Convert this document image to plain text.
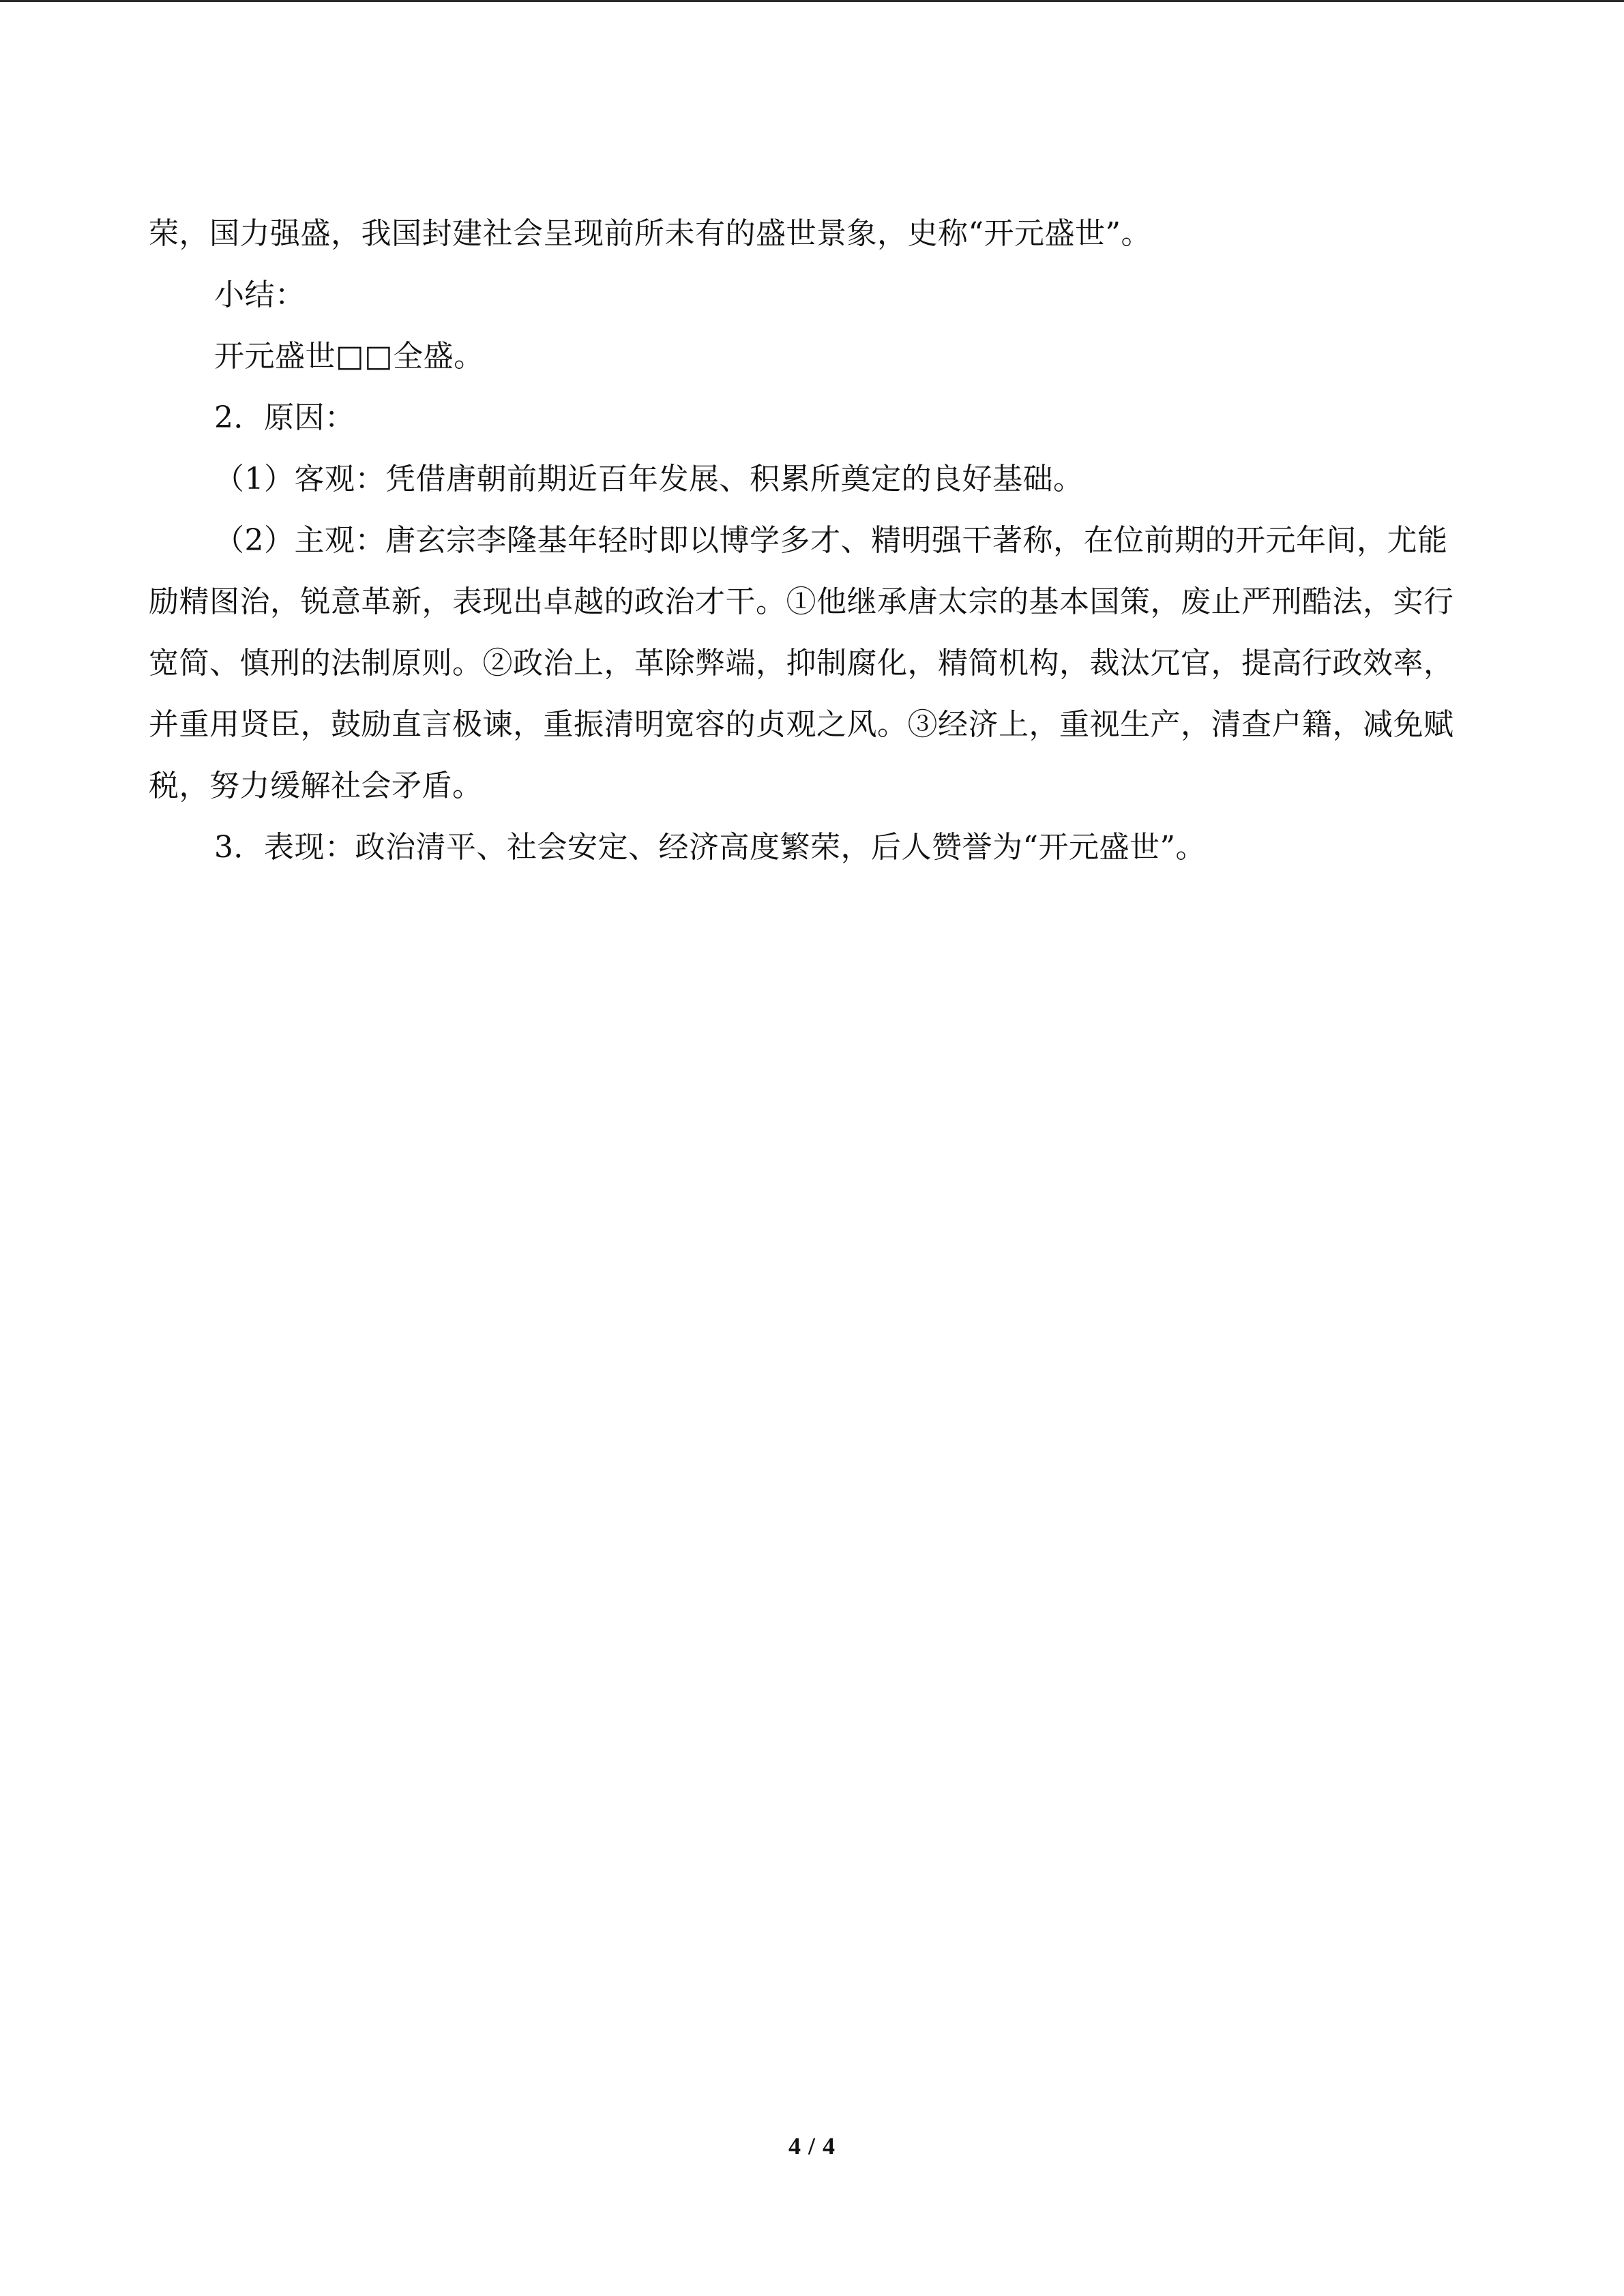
荣，国力强盛，我国封建社会呈现前所未有的盛世景象，史称“开元盛世”。

小结：

开元盛世□□全盛。

2．原因：

（1）客观：凭借唐朝前期近百年发展、积累所奠定的良好基础。

（2）主观：唐玄宗李隆基年轻时即以博学多才、精明强干著称，在位前期的开元年间，尤能励精图治，锐意革新，表现出卓越的政治才干。①他继承唐太宗的基本国策，废止严刑酷法，实行宽简、慎刑的法制原则。②政治上，革除弊端，抑制腐化，精简机构，裁汰冗官，提高行政效率，并重用贤臣，鼓励直言极谏，重振清明宽容的贞观之风。③经济上，重视生产，清查户籍，减免赋税，努力缓解社会矛盾。

3．表现：政治清平、社会安定、经济高度繁荣，后人赞誉为“开元盛世”。

4 / 4
